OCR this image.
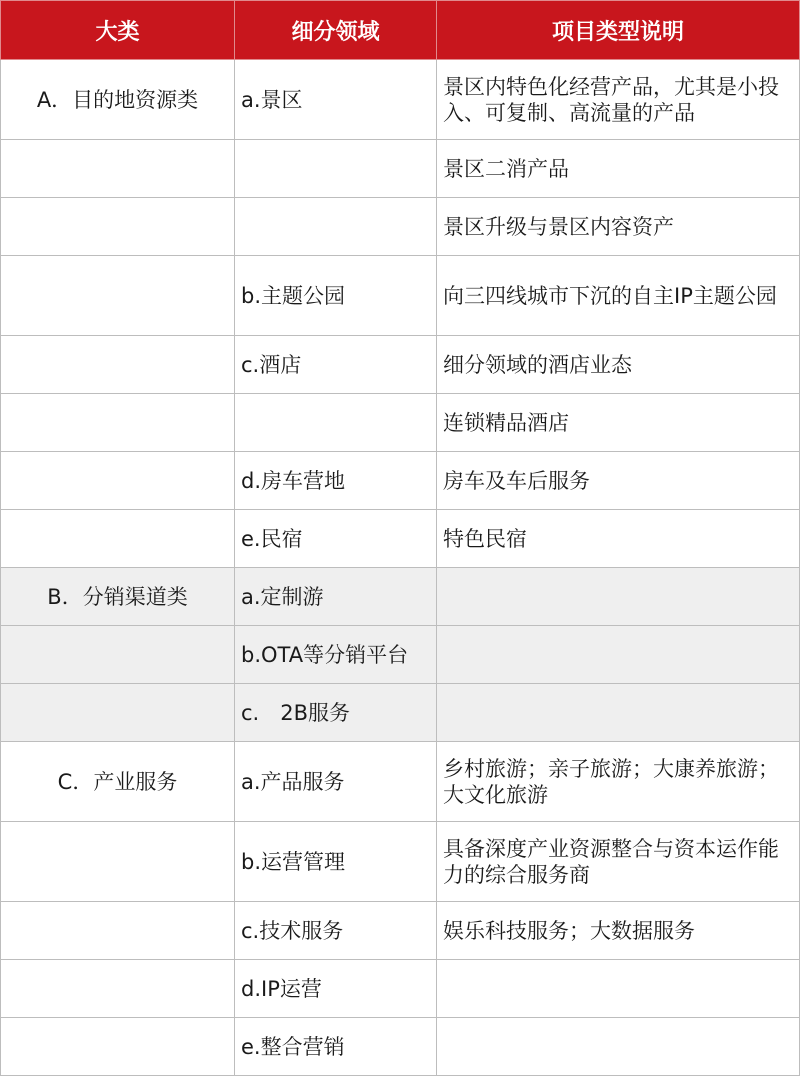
大类	细分领域	项目类型说明
A．目的地资源类	a.景区	景区内特色化经营产品，尤其是小投入、可复制、高流量的产品
		景区二消产品
		景区升级与景区内容资产
	b.主题公园	向三四线城市下沉的自主IP主题公园
	c.酒店	细分领域的酒店业态
		连锁精品酒店
	d.房车营地	房车及车后服务
	e.民宿	特色民宿
B．分销渠道类	a.定制游	
	b.OTA等分销平台	
	c.　2B服务	
C．产业服务	a.产品服务	乡村旅游；亲子旅游；大康养旅游；大文化旅游
	b.运营管理	具备深度产业资源整合与资本运作能力的综合服务商
	c.技术服务	娱乐科技服务；大数据服务
	d.IP运营	
	e.整合营销	
